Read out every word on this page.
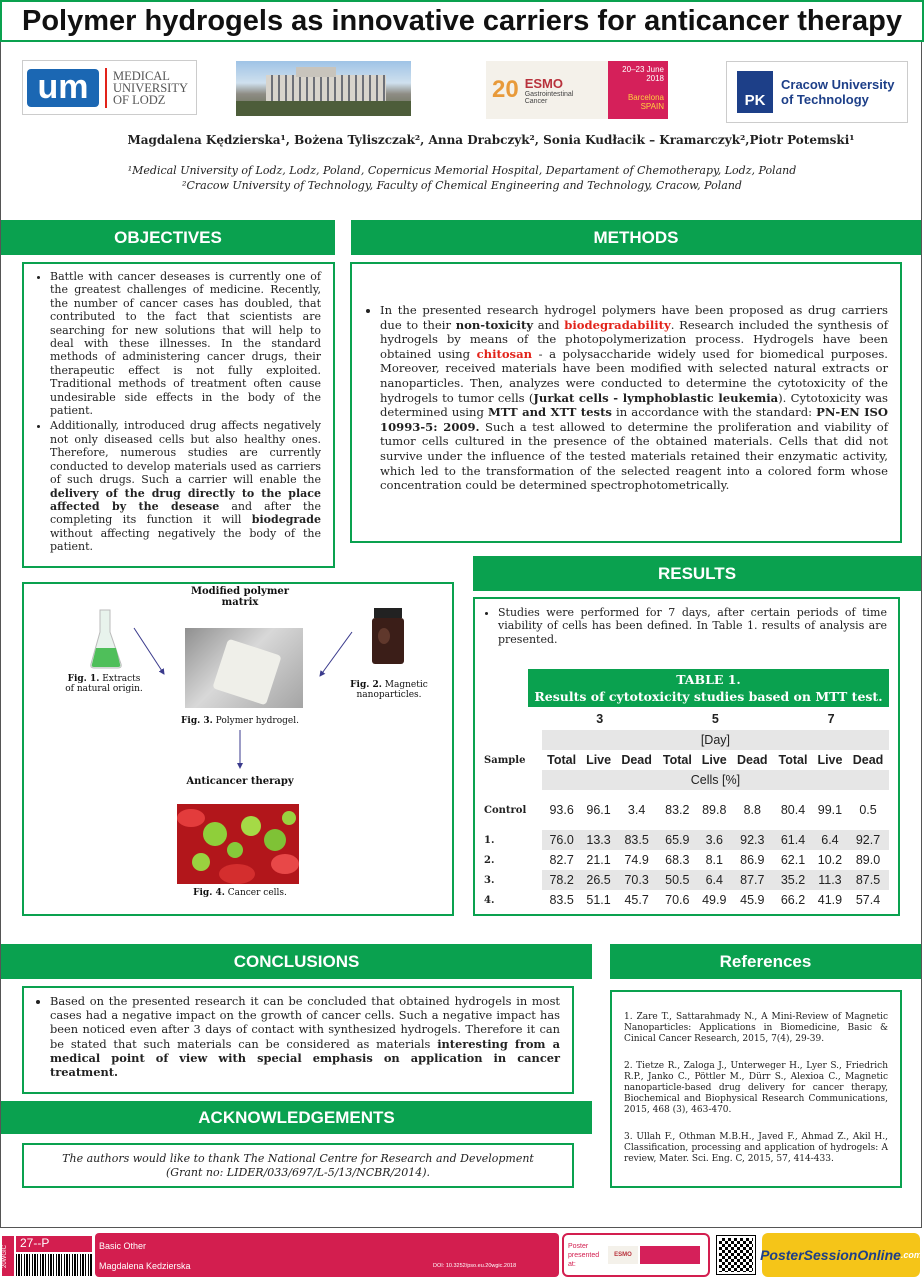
Polymer hydrogels as innovative carriers for anticancer therapy
um	MEDICAL
UNIVERSITY
OF LODZ	20 ESMO
Gastrointestinal Cancer
20–23 June 2018
Barcelona SPAIN	PK
Cracow University
of Technology
Magdalena Kędzierska¹, Bożena Tyliszczak², Anna Drabczyk², Sonia Kudłacik – Kramarczyk²,Piotr Potemski¹
¹Medical University of Lodz, Lodz, Poland, Copernicus Memorial Hospital, Departament of Chemotherapy, Lodz, Poland
²Cracow University of Technology, Faculty of Chemical Engineering and Technology, Cracow, Poland
OBJECTIVES
• Battle with cancer deseases is currently one of the greatest challenges of medicine. Recently, the number of cancer cases has doubled, that contributed to the fact that scientists are searching for new solutions that will help to deal with these illnesses. In the standard methods of administering cancer drugs, their therapeutic effect is not fully exploited. Traditional methods of treatment often cause undesirable side effects in the body of the patient.
• Additionally, introduced drug affects negatively not only diseased cells but also healthy ones. Therefore, numerous studies are currently conducted to develop materials used as carriers of such drugs. Such a carrier will enable the delivery of the drug directly to the place affected by the desease and after the completing its function it will biodegrade without affecting negatively the body of the patient.
METHODS
• In the presented research hydrogel polymers have been proposed as drug carriers due to their non-toxicity and biodegradability. Research included the synthesis of hydrogels by means of the photopolymerization process. Hydrogels have been obtained using chitosan - a polysaccharide widely used for biomedical purposes. Moreover, received materials have been modified with selected natural extracts or nanoparticles. Then, analyzes were conducted to determine the cytotoxicity of the hydrogels to tumor cells (Jurkat cells - lymphoblastic leukemia). Cytotoxicity was determined using MTT and XTT tests in accordance with the standard: PN-EN ISO 10993-5: 2009. Such a test allowed to determine the proliferation and viability of tumor cells cultured in the presence of the obtained materials. Cells that did not survive under the influence of the tested materials retained their enzymatic activity, which led to the transformation of the selected reagent into a colored form whose concentration could be determined spectrophotometrically.
Modified polymer matrix
Fig. 1. Extracts of natural origin.
Fig. 3. Polymer hydrogel.
Fig. 2. Magnetic nanoparticles.
Anticancer therapy
Fig. 4. Cancer cells.
RESULTS
• Studies were performed for 7 days, after certain periods of time viability of cells has been defined. In Table 1. results of analysis are presented.
TABLE 1.
Results of cytotoxicity studies based on MTT test.
	3			5			7		
Sample	[Day]								
	Total	Live	Dead	Total	Live	Dead	Total	Live	Dead
	Cells [%]								
Control	93.6	96.1	3.4	83.2	89.8	8.8	80.4	99.1	0.5
1.	76.0	13.3	83.5	65.9	3.6	92.3	61.4	6.4	92.7
2.	82.7	21.1	74.9	68.3	8.1	86.9	62.1	10.2	89.0
3.	78.2	26.5	70.3	50.5	6.4	87.7	35.2	11.3	87.5
4.	83.5	51.1	45.7	70.6	49.9	45.9	66.2	41.9	57.4
CONCLUSIONS
• Based on the presented research it can be concluded that obtained hydrogels in most cases had a negative impact on the growth of cancer cells. Such a negative impact has been noticed even after 3 days of contact with synthesized hydrogels. Therefore it can be stated that such materials can be considered as materials interesting from a medical point of view with special emphasis on application in cancer treatment.
ACKNOWLEDGEMENTS
The authors would like to thank The National Centre for Research and Development (Grant no: LIDER/033/697/L-5/13/NCBR/2014).
References

1. Zare T., Sattarahmady N., A Mini-Review of Magnetic Nanoparticles: Applications in Biomedicine, Basic & Cinical Cancer Research, 2015, 7(4), 29-39.

2. Tietze R., Zaloga J., Unterweger H., Lyer S., Friedrich R.P., Janko C., Pöttler M., Dürr S., Alexioa C., Magnetic nanoparticle-based drug delivery for cancer therapy, Biochemical and Biophysical Research Communications, 2015, 468 (3), 463-470.

3. Ullah F., Othman M.B.H., Javed F., Ahmad Z., Akil H., Classification, processing and application of hydrogels: A review, Mater. Sci. Eng. C, 2015, 57, 414-433.

20WGIC
27--P	Basic Other
Magdalena Kedzierska	DOI: 10.3252/pso.eu.20wgic.2018
Poster
presented at:
ESMO	Poster SessionOnline .com
